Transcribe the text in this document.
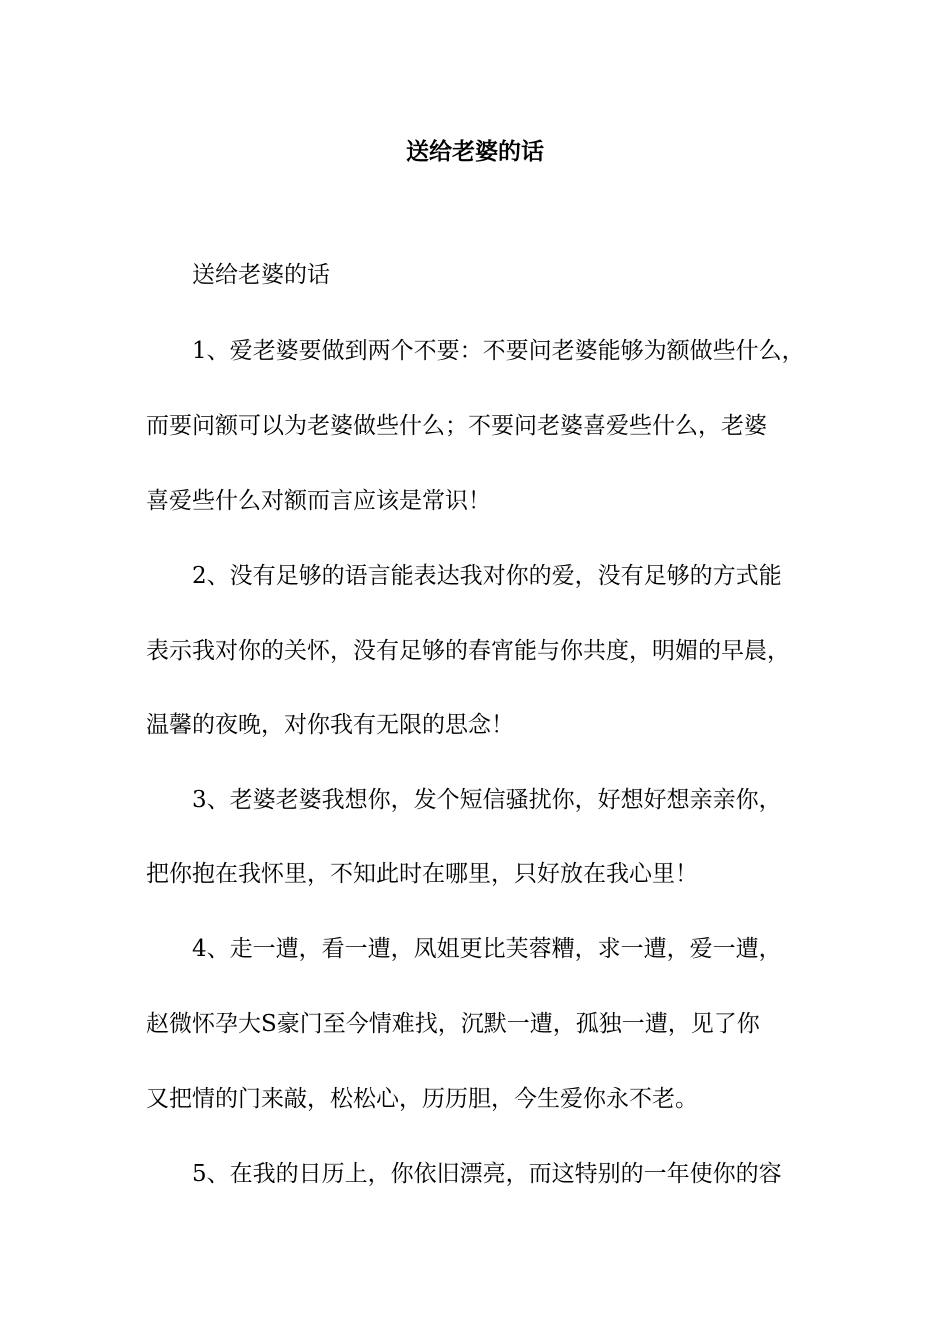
送给老婆的话
送给老婆的话
1、爱老婆要做到两个不要：不要问老婆能够为额做些什么，
而要问额可以为老婆做些什么；不要问老婆喜爱些什么，老婆
喜爱些什么对额而言应该是常识！
2、没有足够的语言能表达我对你的爱，没有足够的方式能
表示我对你的关怀，没有足够的春宵能与你共度，明媚的早晨，
温馨的夜晚，对你我有无限的思念！
3、老婆老婆我想你，发个短信骚扰你，好想好想亲亲你，
把你抱在我怀里，不知此时在哪里，只好放在我心里！
4、走一遭，看一遭，凤姐更比芙蓉糟，求一遭，爱一遭，
赵微怀孕大S豪门至今情难找，沉默一遭，孤独一遭，见了你
又把情的门来敲，松松心，历历胆，今生爱你永不老。
5、在我的日历上，你依旧漂亮，而这特别的一年使你的容
